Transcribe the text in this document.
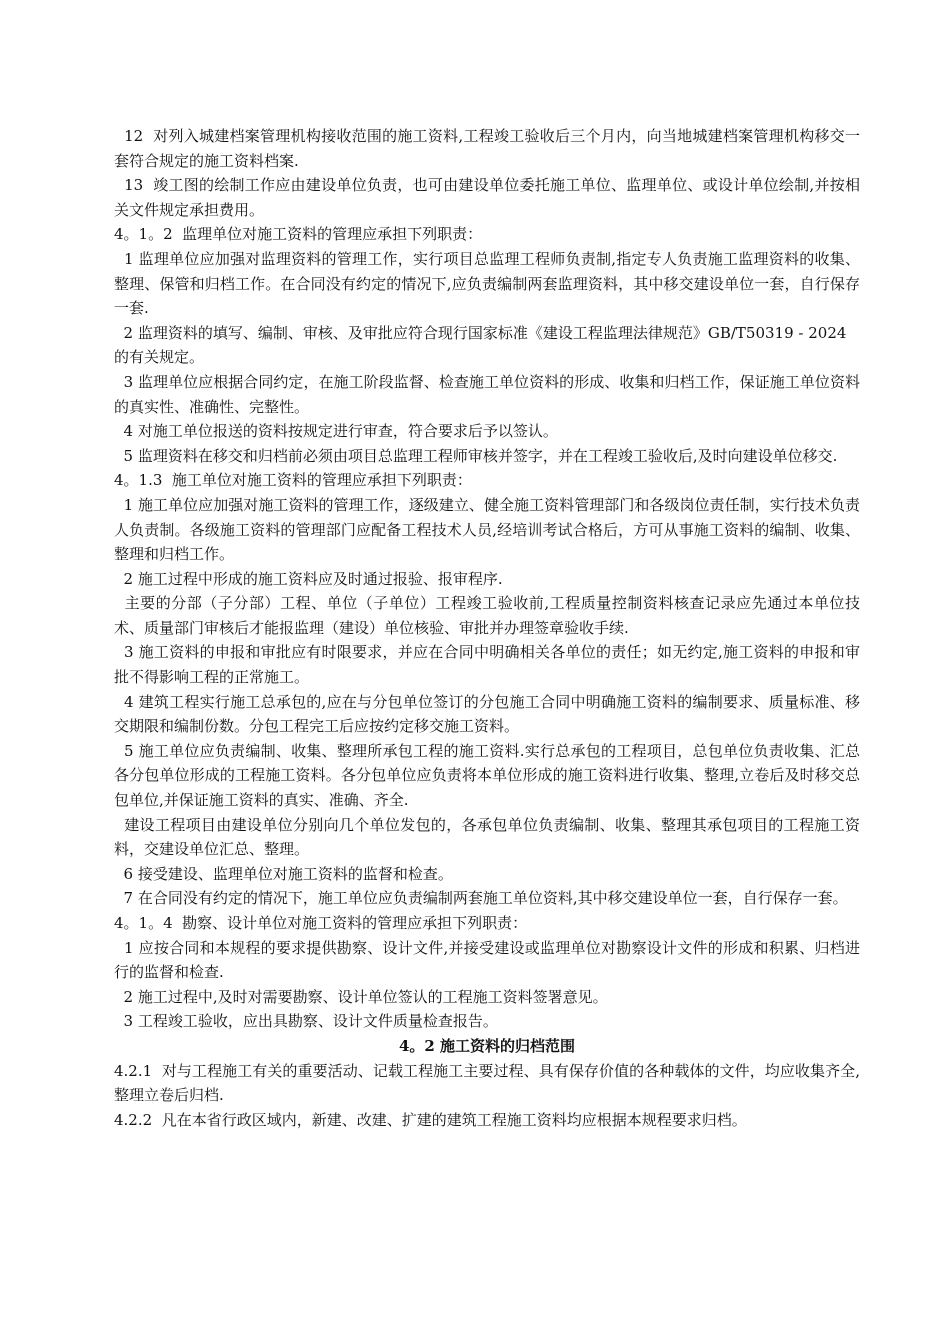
12  对列入城建档案管理机构接收范围的施工资料,工程竣工验收后三个月内，向当地城建档案管理机构移交一套符合规定的施工资料档案.

13  竣工图的绘制工作应由建设单位负责，也可由建设单位委托施工单位、监理单位、或设计单位绘制,并按相关文件规定承担费用。

4。1。2  监理单位对施工资料的管理应承担下列职责：

1 监理单位应加强对监理资料的管理工作，实行项目总监理工程师负责制,指定专人负责施工监理资料的收集、整理、保管和归档工作。在合同没有约定的情况下,应负责编制两套监理资料，其中移交建设单位一套，自行保存一套.

2 监理资料的填写、编制、审核、及审批应符合现行国家标准《建设工程监理法律规范》GB/T50319 - 2024

的有关规定。

3 监理单位应根据合同约定，在施工阶段监督、检查施工单位资料的形成、收集和归档工作，保证施工单位资料的真实性、准确性、完整性。

4 对施工单位报送的资料按规定进行审查，符合要求后予以签认。

5 监理资料在移交和归档前必须由项目总监理工程师审核并签字，并在工程竣工验收后,及时向建设单位移交.

4。1.3  施工单位对施工资料的管理应承担下列职责：

1 施工单位应加强对施工资料的管理工作，逐级建立、健全施工资料管理部门和各级岗位责任制，实行技术负责人负责制。各级施工资料的管理部门应配备工程技术人员,经培训考试合格后，方可从事施工资料的编制、收集、整理和归档工作。

2 施工过程中形成的施工资料应及时通过报验、报审程序.

主要的分部（子分部）工程、单位（子单位）工程竣工验收前,工程质量控制资料核查记录应先通过本单位技术、质量部门审核后才能报监理（建设）单位核验、审批并办理签章验收手续.

3 施工资料的申报和审批应有时限要求，并应在合同中明确相关各单位的责任；如无约定,施工资料的申报和审批不得影响工程的正常施工。

4 建筑工程实行施工总承包的,应在与分包单位签订的分包施工合同中明确施工资料的编制要求、质量标准、移交期限和编制份数。分包工程完工后应按约定移交施工资料。

5 施工单位应负责编制、收集、整理所承包工程的施工资料.实行总承包的工程项目，总包单位负责收集、汇总各分包单位形成的工程施工资料。各分包单位应负责将本单位形成的施工资料进行收集、整理,立卷后及时移交总包单位,并保证施工资料的真实、准确、齐全.

建设工程项目由建设单位分别向几个单位发包的，各承包单位负责编制、收集、整理其承包项目的工程施工资料，交建设单位汇总、整理。

6 接受建设、监理单位对施工资料的监督和检查。

7 在合同没有约定的情况下，施工单位应负责编制两套施工单位资料,其中移交建设单位一套，自行保存一套。

4。1。4  勘察、设计单位对施工资料的管理应承担下列职责：

1 应按合同和本规程的要求提供勘察、设计文件,并接受建设或监理单位对勘察设计文件的形成和积累、归档进行的监督和检查.

2 施工过程中,及时对需要勘察、设计单位签认的工程施工资料签署意见。

3 工程竣工验收，应出具勘察、设计文件质量检查报告。

4。2 施工资料的归档范围

4.2.1  对与工程施工有关的重要活动、记载工程施工主要过程、具有保存价值的各种载体的文件，均应收集齐全,整理立卷后归档.

4.2.2  凡在本省行政区域内，新建、改建、扩建的建筑工程施工资料均应根据本规程要求归档。
